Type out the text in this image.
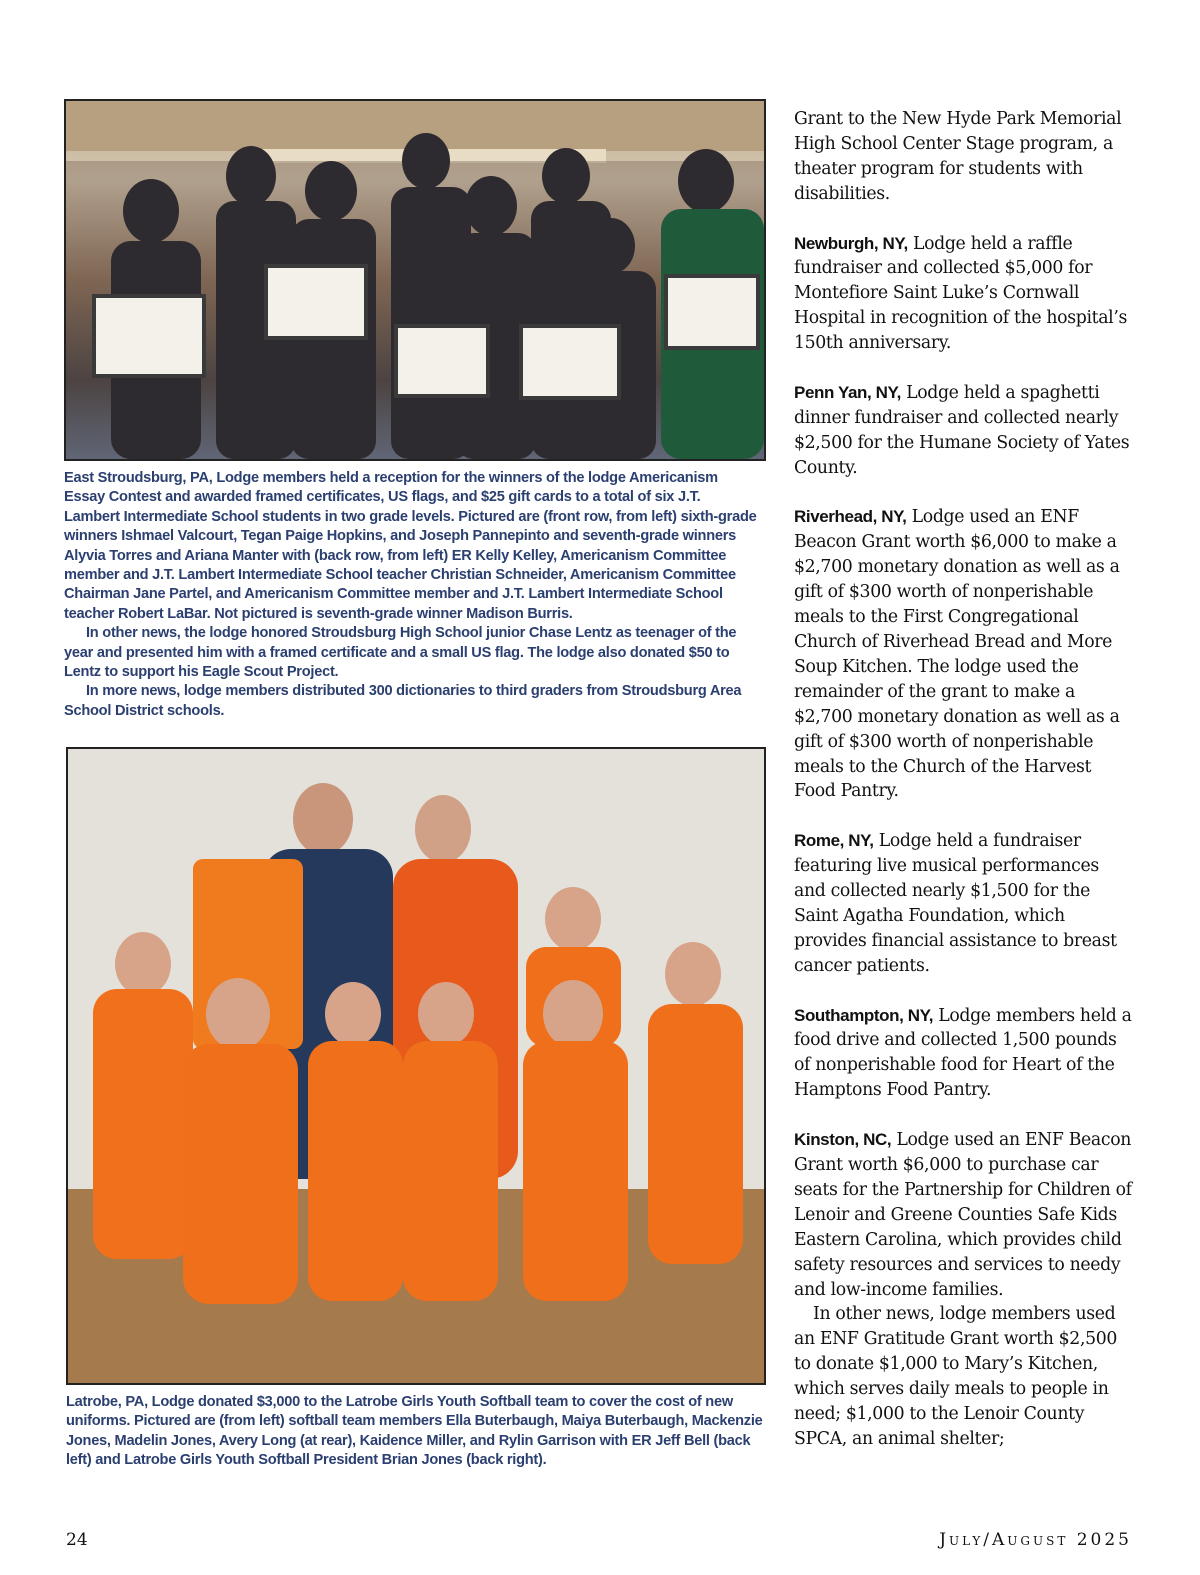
East Stroudsburg, PA, Lodge members held a reception for the winners of the lodge Americanism Essay Contest and awarded framed certificates, US flags, and $25 gift cards to a total of six J.T. Lambert Intermediate School students in two grade levels. Pictured are (front row, from left) sixth-grade winners Ishmael Valcourt, Tegan Paige Hopkins, and Joseph Pannepinto and seventh-grade winners Alyvia Torres and Ariana Manter with (back row, from left) ER Kelly Kelley, Americanism Committee member and J.T. Lambert Intermediate School teacher Christian Schneider, Americanism Committee Chairman Jane Partel, and Americanism Committee member and J.T. Lambert Intermediate School teacher Robert LaBar. Not pictured is seventh-grade winner Madison Burris.

In other news, the lodge honored Stroudsburg High School junior Chase Lentz as teenager of the year and presented him with a framed certificate and a small US flag. The lodge also donated $50 to Lentz to support his Eagle Scout Project.

In more news, lodge members distributed 300 dictionaries to third graders from Stroudsburg Area School District schools.

Latrobe, PA, Lodge donated $3,000 to the Latrobe Girls Youth Softball team to cover the cost of new uniforms. Pictured are (from left) softball team members Ella Buterbaugh, Maiya Buterbaugh, Mackenzie Jones, Madelin Jones, Avery Long (at rear), Kaidence Miller, and Rylin Garrison with ER Jeff Bell (back left) and Latrobe Girls Youth Softball President Brian Jones (back right).

Grant to the New Hyde Park Memorial High School Center Stage program, a theater program for students with disabilities.

Newburgh, NY, Lodge held a raffle fundraiser and collected $5,000 for Montefiore Saint Luke’s Cornwall Hospital in recognition of the hospital’s 150th anniversary.

Penn Yan, NY, Lodge held a spaghetti dinner fundraiser and collected nearly $2,500 for the Humane Society of Yates County.

Riverhead, NY, Lodge used an ENF Beacon Grant worth $6,000 to make a $2,700 monetary donation as well as a gift of $300 worth of nonperishable meals to the First Congregational Church of Riverhead Bread and More Soup Kitchen. The lodge used the remainder of the grant to make a $2,700 monetary donation as well as a gift of $300 worth of nonperishable meals to the Church of the Harvest Food Pantry.

Rome, NY, Lodge held a fundraiser featuring live musical performances and collected nearly $1,500 for the Saint Agatha Foundation, which provides financial assistance to breast cancer patients.

Southampton, NY, Lodge members held a food drive and collected 1,500 pounds of nonperishable food for Heart of the Hamptons Food Pantry.

Kinston, NC, Lodge used an ENF Beacon Grant worth $6,000 to purchase car seats for the Partnership for Children of Lenoir and Greene Counties Safe Kids Eastern Carolina, which provides child safety resources and services to needy and low-income families.

In other news, lodge members used an ENF Gratitude Grant worth $2,500 to donate $1,000 to Mary’s Kitchen, which serves daily meals to people in need; $1,000 to the Lenoir County SPCA, an animal shelter;

24	July/August 2025
